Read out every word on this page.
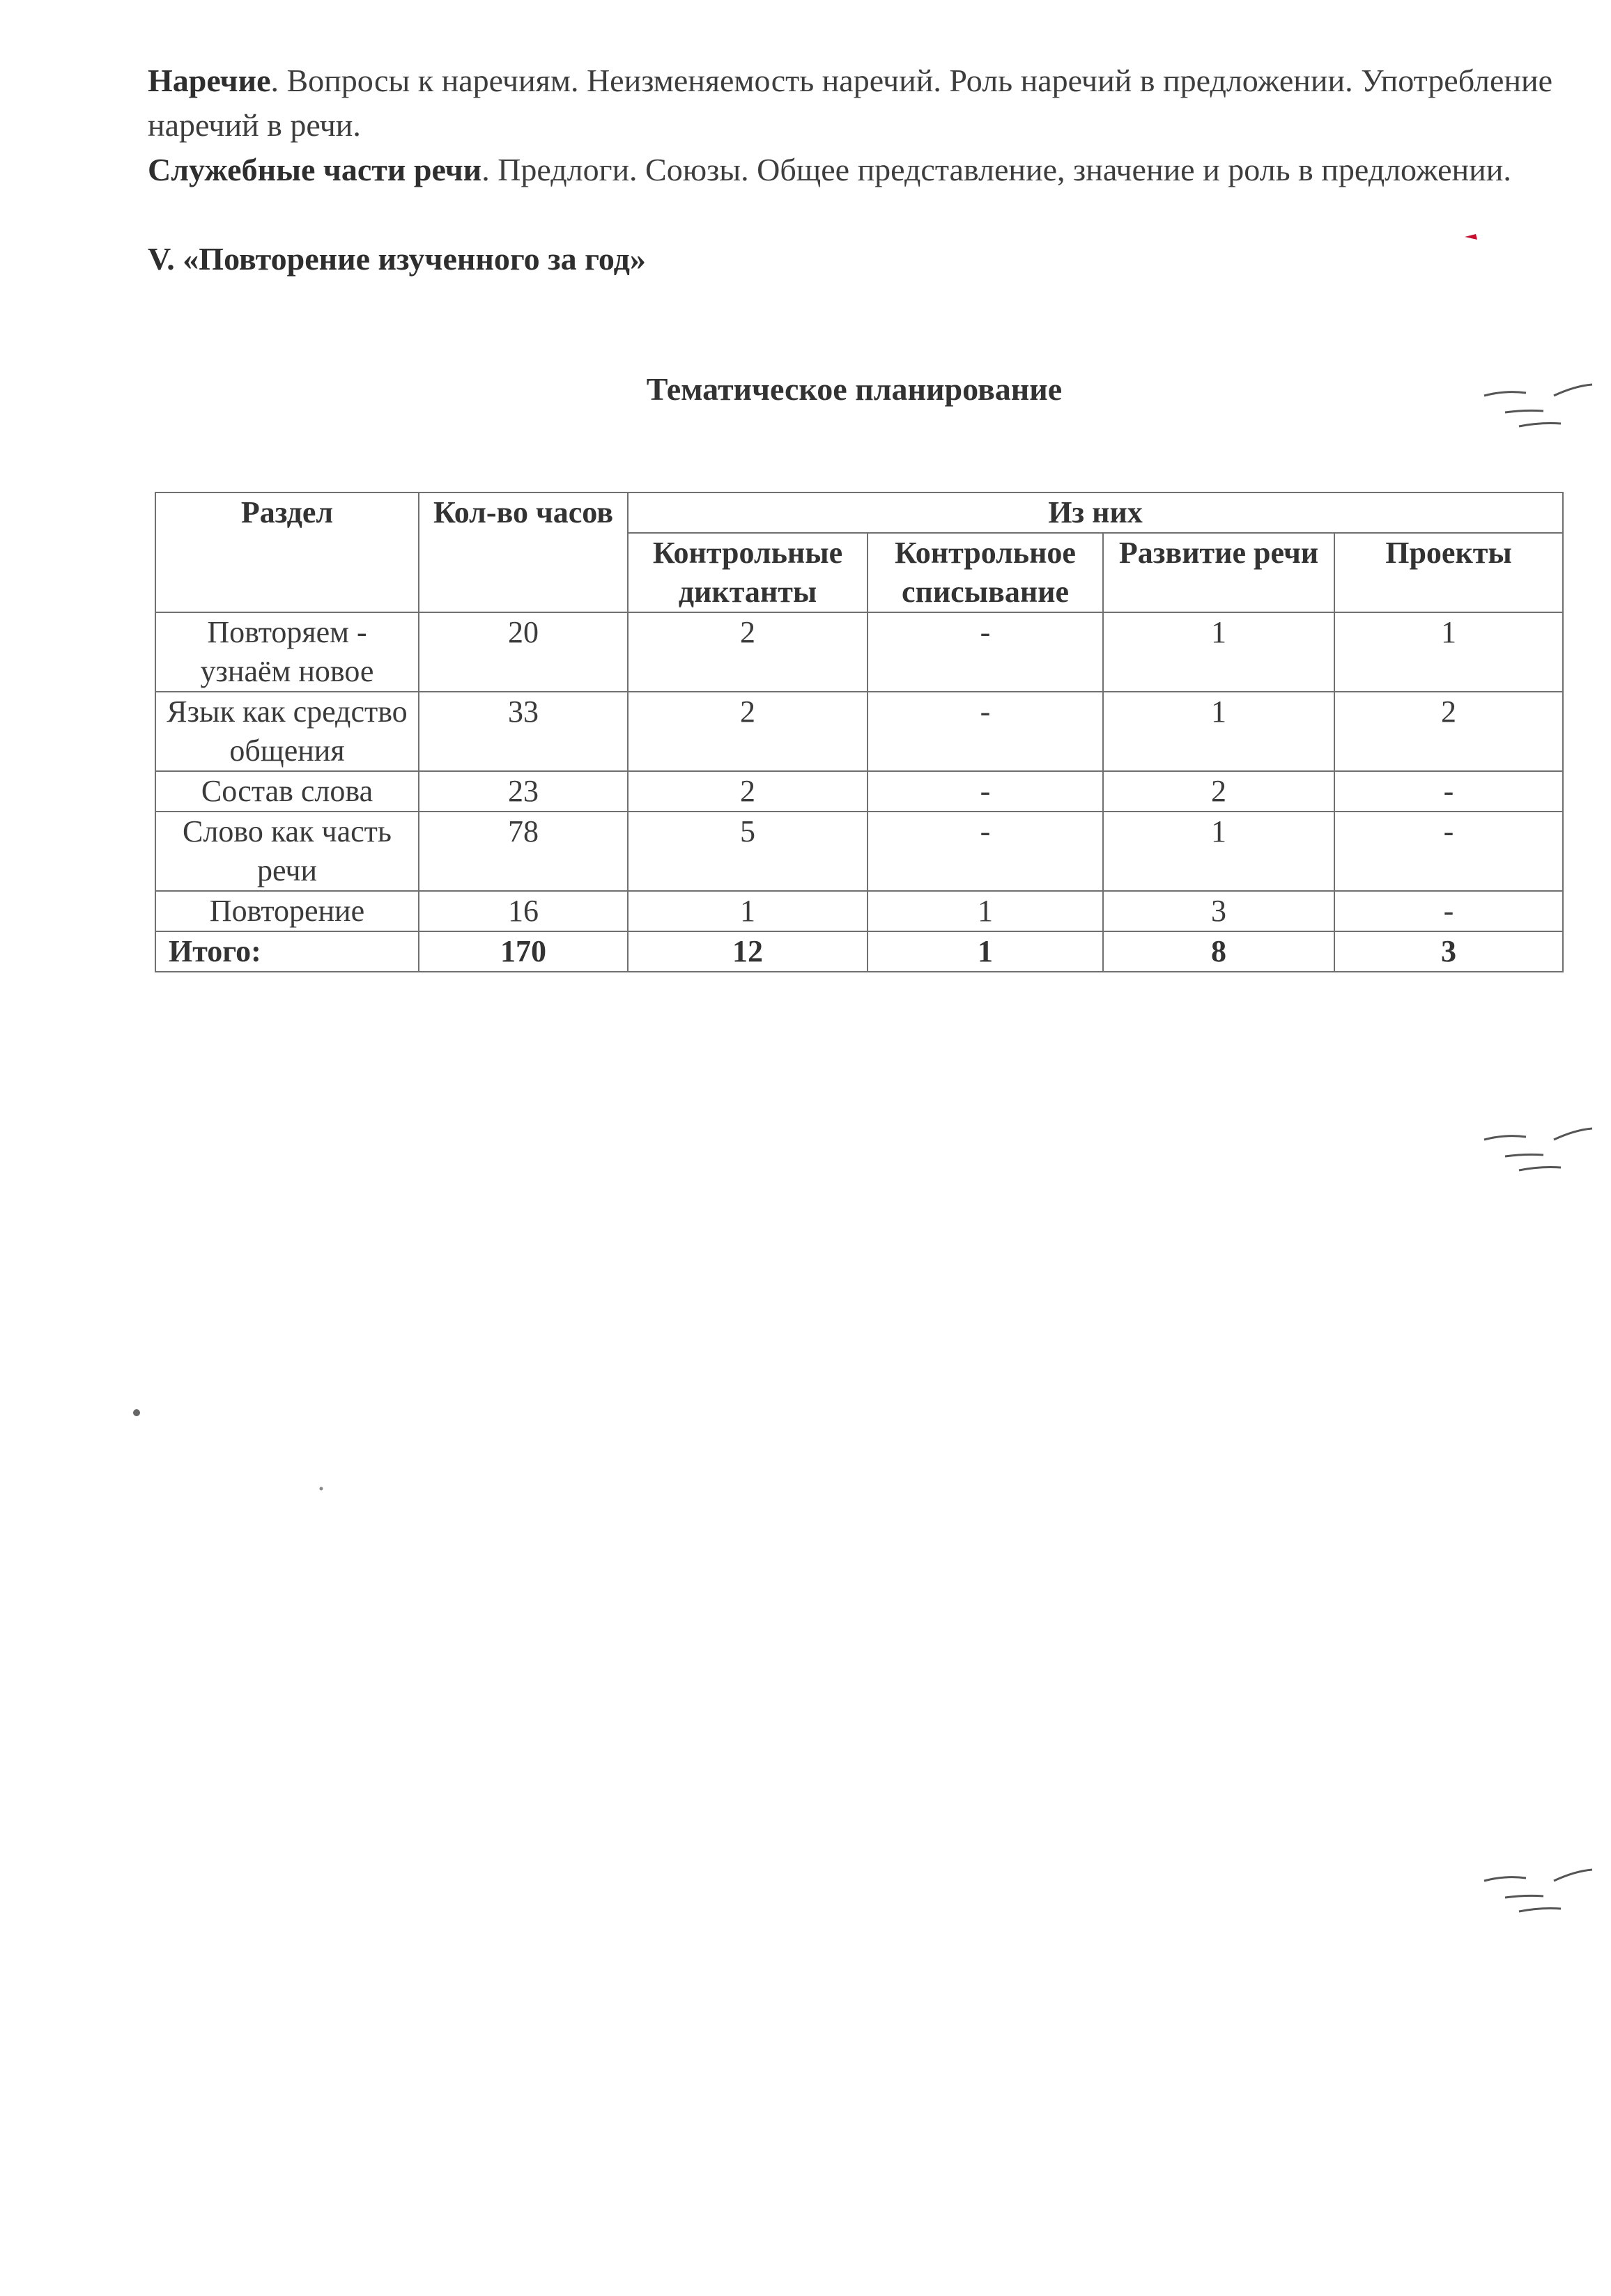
Наречие. Вопросы к наречиям. Неизменяемость наречий. Роль наречий в предложении. Употребление наречий в речи.

Служебные части речи. Предлоги. Союзы. Общее представление, значение и роль в предложении.

V. «Повторение изученного за год»

Тематическое планирование
Раздел	Кол-во часов	Из них			
		Контрольные диктанты	Контрольное списывание	Развитие речи	Проекты
Повторяем - узнаём новое	20	2	-	1	1
Язык как средство общения	33	2	-	1	2
Состав слова	23	2	-	2	-
Слово как часть речи	78	5	-	1	-
Повторение	16	1	1	3	-
Итого:	170	12	1	8	3
